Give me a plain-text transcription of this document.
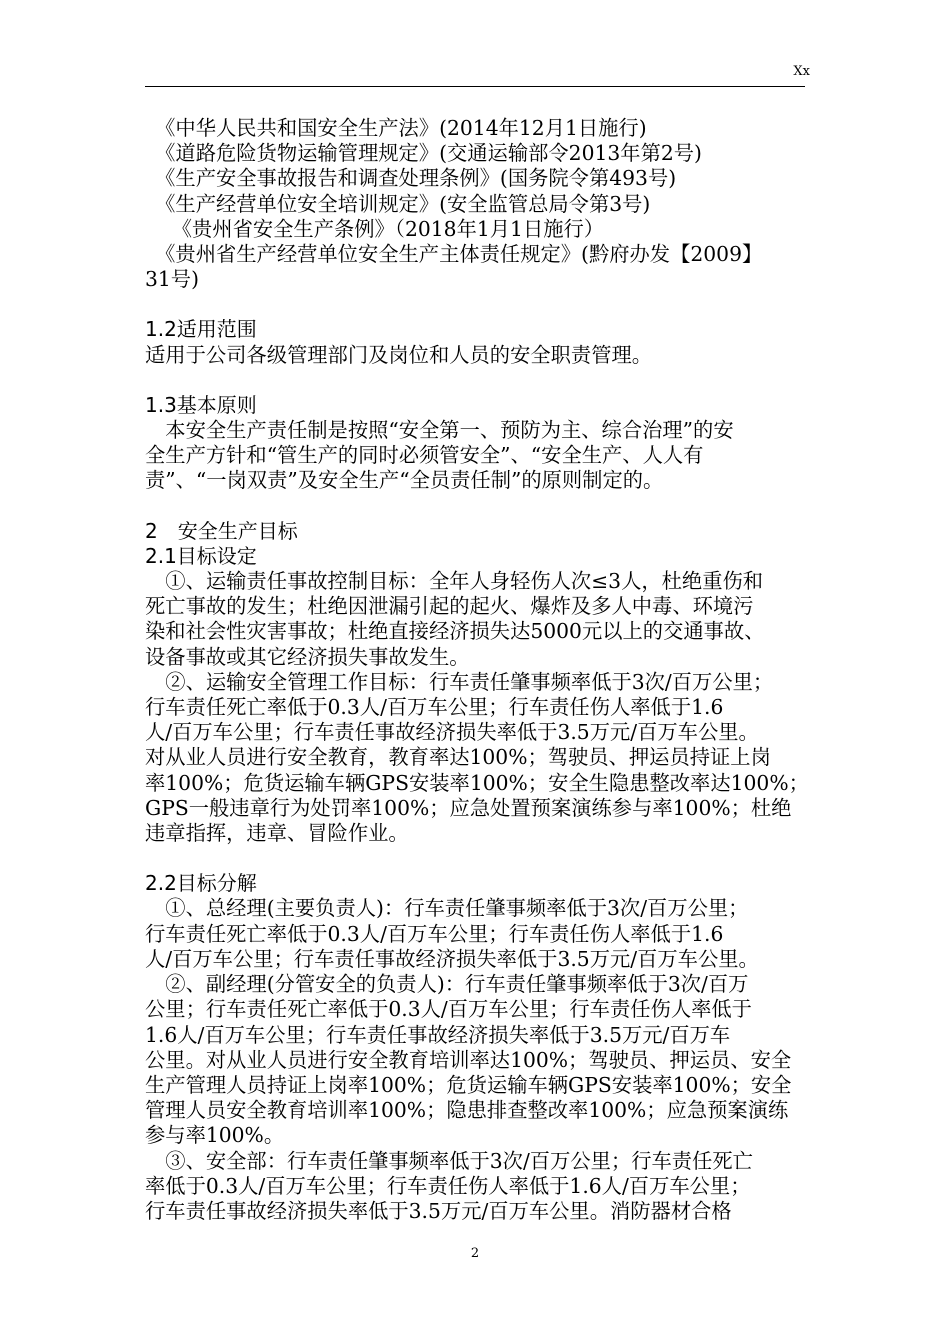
Xx
　《中华人民共和国安全生产法》(2014年12月1日施行)
　《道路危险货物运输管理规定》(交通运输部令2013年第2号)
　《生产安全事故报告和调查处理条例》(国务院令第493号)
　《生产经营单位安全培训规定》(安全监管总局令第3号)
　 《贵州省安全生产条例》（2018年1月1日施行）
　《贵州省生产经营单位安全生产主体责任规定》(黔府办发【2009】
31号)
1.2适用范围
适用于公司各级管理部门及岗位和人员的安全职责管理。
1.3基本原则
　本安全生产责任制是按照“安全第一、预防为主、综合治理”的安
全生产方针和“管生产的同时必须管安全”、“安全生产、人人有
责”、“一岗双责”及安全生产“全员责任制”的原则制定的。
2　安全生产目标
2.1目标设定
　①、运输责任事故控制目标：全年人身轻伤人次≤3人，杜绝重伤和
死亡事故的发生；杜绝因泄漏引起的起火、爆炸及多人中毒、环境污
染和社会性灾害事故；杜绝直接经济损失达5000元以上的交通事故、
设备事故或其它经济损失事故发生。
　②、运输安全管理工作目标：行车责任肇事频率低于3次/百万公里；
行车责任死亡率低于0.3人/百万车公里；行车责任伤人率低于1.6
人/百万车公里；行车责任事故经济损失率低于3.5万元/百万车公里。
对从业人员进行安全教育，教育率达100%；驾驶员、押运员持证上岗
率100%；危货运输车辆GPS安装率100%；安全生隐患整改率达100%；
GPS一般违章行为处罚率100%；应急处置预案演练参与率100%；杜绝
违章指挥，违章、冒险作业。
2.2目标分解
　①、总经理(主要负责人)：行车责任肇事频率低于3次/百万公里；
行车责任死亡率低于0.3人/百万车公里；行车责任伤人率低于1.6
人/百万车公里；行车责任事故经济损失率低于3.5万元/百万车公里。
　②、副经理(分管安全的负责人)：行车责任肇事频率低于3次/百万
公里；行车责任死亡率低于0.3人/百万车公里；行车责任伤人率低于
1.6人/百万车公里；行车责任事故经济损失率低于3.5万元/百万车
公里。对从业人员进行安全教育培训率达100%；驾驶员、押运员、安全
生产管理人员持证上岗率100%；危货运输车辆GPS安装率100%；安全
管理人员安全教育培训率100%；隐患排查整改率100%；应急预案演练
参与率100%。
　③、安全部：行车责任肇事频率低于3次/百万公里；行车责任死亡
率低于0.3人/百万车公里；行车责任伤人率低于1.6人/百万车公里；
行车责任事故经济损失率低于3.5万元/百万车公里。消防器材合格
2
